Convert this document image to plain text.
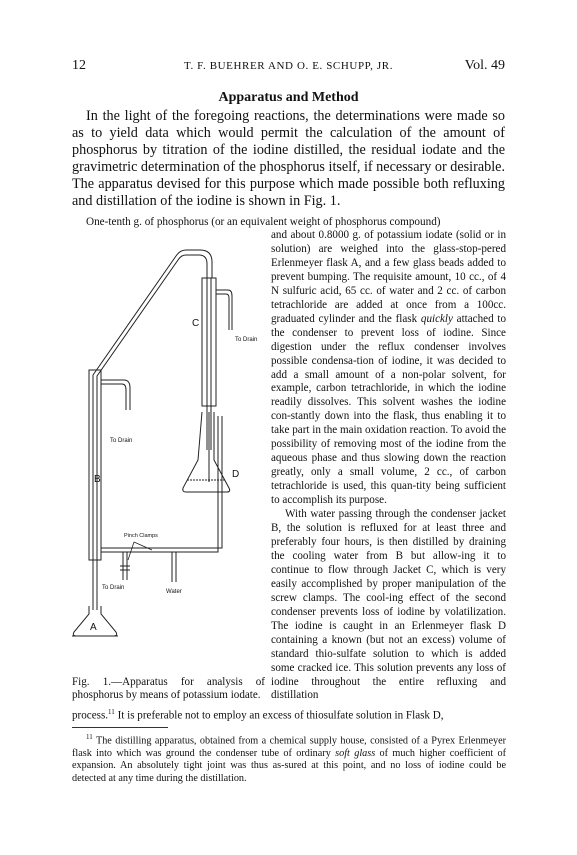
12	T. F. BUEHRER AND O. E. SCHUPP, JR.	Vol. 49
Apparatus and Method

In the light of the foregoing reactions, the determinations were made so as to yield data which would permit the calculation of the amount of phosphorus by titration of the iodine distilled, the residual iodate and the gravimetric determination of the phosphorus itself, if necessary or desirable. The apparatus devised for this purpose which made possible both refluxing and distillation of the iodine is shown in Fig. 1.

One-tenth g. of phosphorus (or an equivalent weight of phosphorus compound)

and about 0.8000 g. of potassium iodate (solid or in solution) are weighed into the glass-stop-pered Erlenmeyer flask A, and a few glass beads added to prevent bumping. The requisite amount, 10 cc., of 4 N sulfuric acid, 65 cc. of water and 2 cc. of carbon tetrachloride are added at once from a 100cc. graduated cylinder and the flask quickly attached to the condenser to prevent loss of iodine. Since digestion under the reflux condenser involves possible condensa-tion of iodine, it was decided to add a small amount of a non-polar solvent, for example, carbon tetrachloride, in which the iodine readily dissolves. This solvent washes the iodine con-stantly down into the flask, thus enabling it to take part in the main oxidation reaction. To avoid the possibility of removing most of the iodine from the aqueous phase and thus slowing down the reaction greatly, only a small volume, 2 cc., of carbon tetrachloride is used, this quan-tity being sufficient to accomplish its purpose.

With water passing through the condenser jacket B, the solution is refluxed for at least three and preferably four hours, is then distilled by draining the cooling water from B but allow-ing it to continue to flow through Jacket C, which is very easily accomplished by proper manipulation of the screw clamps. The cool-ing effect of the second condenser prevents loss of iodine by volatilization. The iodine is caught in an Erlenmeyer flask D containing a known (but not an excess) volume of standard thio-sulfate solution to which is added some cracked ice. This solution prevents any loss of iodine throughout the entire refluxing and distillation

C
To Drain
To Drain
D
B
Pinch Clamps
To Drain
Water
A
Fig. 1.—Apparatus for analysis of phosphorus by means of potassium iodate.
process.$^{11}$ It is preferable not to employ an excess of thiosulfate solution in Flask D,

$^{11}$ The distilling apparatus, obtained from a chemical supply house, consisted of a Pyrex Erlenmeyer flask into which was ground the condenser tube of ordinary soft glass of much higher coefficient of expansion. An absolutely tight joint was thus as-sured at this point, and no loss of iodine could be detected at any time during the distillation.
